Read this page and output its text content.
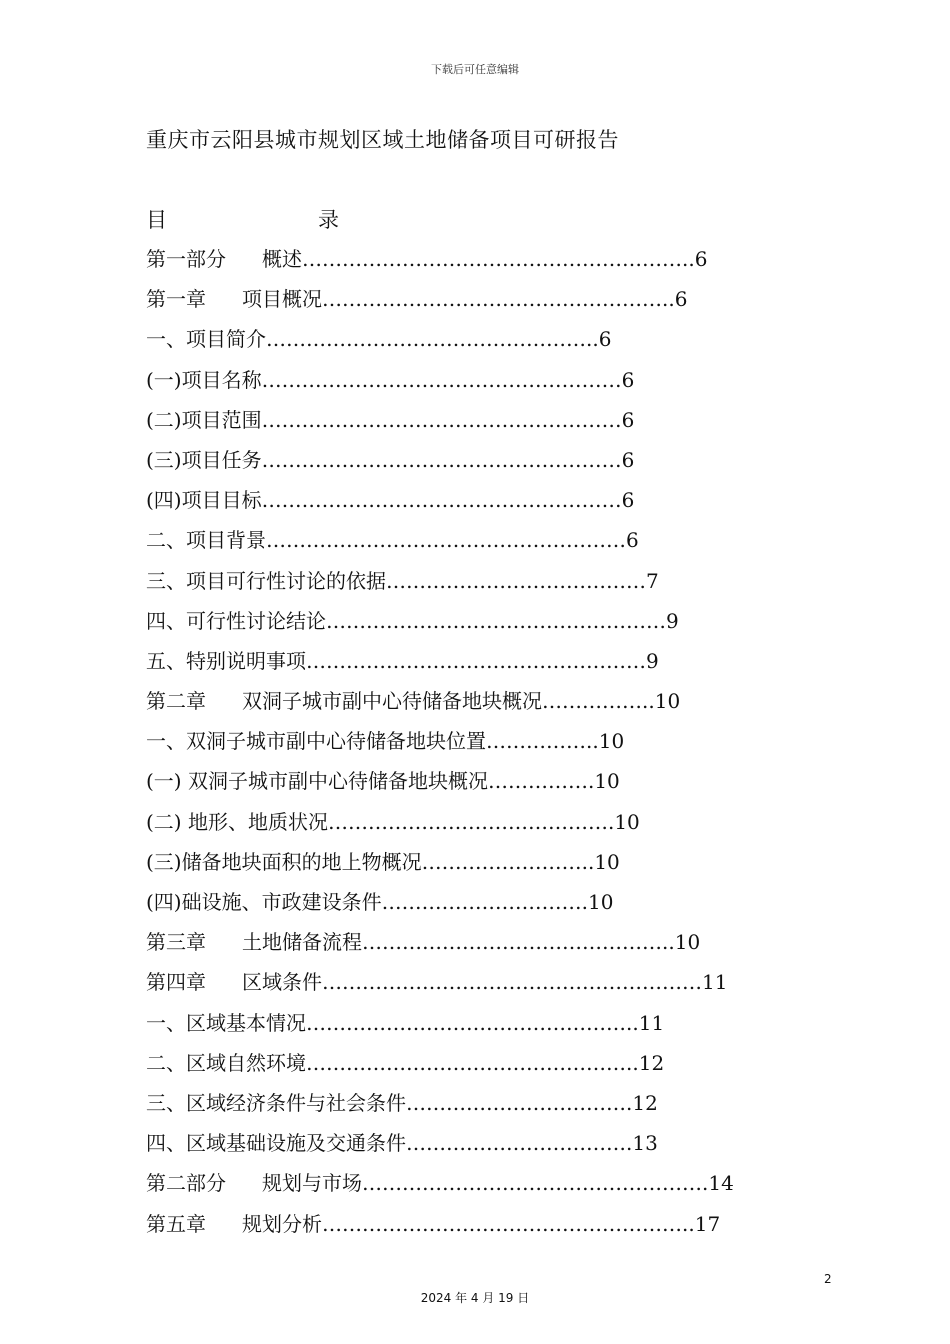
下载后可任意编辑
重庆市云阳县城市规划区域土地储备项目可研报告
目	录
第一部分 概述…………………………………………………..6
第一章 项目概况……………………………………………..6
一、项目简介…………………………………………..6
(一)项目名称………………………………………………6
(二)项目范围………………………………………………6
(三)项目任务………………………………………………6
(四)项目目标………………………………………………6
二、项目背景………………………………………………6
三、项目可行性讨论的依据…………………………………7
四、可行性讨论结论……………………………………………9
五、特别说明事项……………………………………………9
第二章 双洞子城市副中心待储备地块概况……………..10
一、双洞子城市副中心待储备地块位置……………..10
(一) 双洞子城市副中心待储备地块概况…………….10
(二) 地形、地质状况…………………………………….10
(三)储备地块面积的地上物概况……………………..10
(四)础设施、市政建设条件………………………….10
第三章 土地储备流程………………………………………..10
第四章 区域条件…………………………………………………11
一、区域基本情况…………………………………………..11
二、区域自然环境…………………………………………..12
三、区域经济条件与社会条件…………………………….12
四、区域基础设施及交通条件…………………………….13
第二部分 规划与市场…………………………………………….14
第五章 规划分析………………………………………………..17
2
2024 年 4 月 19 日
